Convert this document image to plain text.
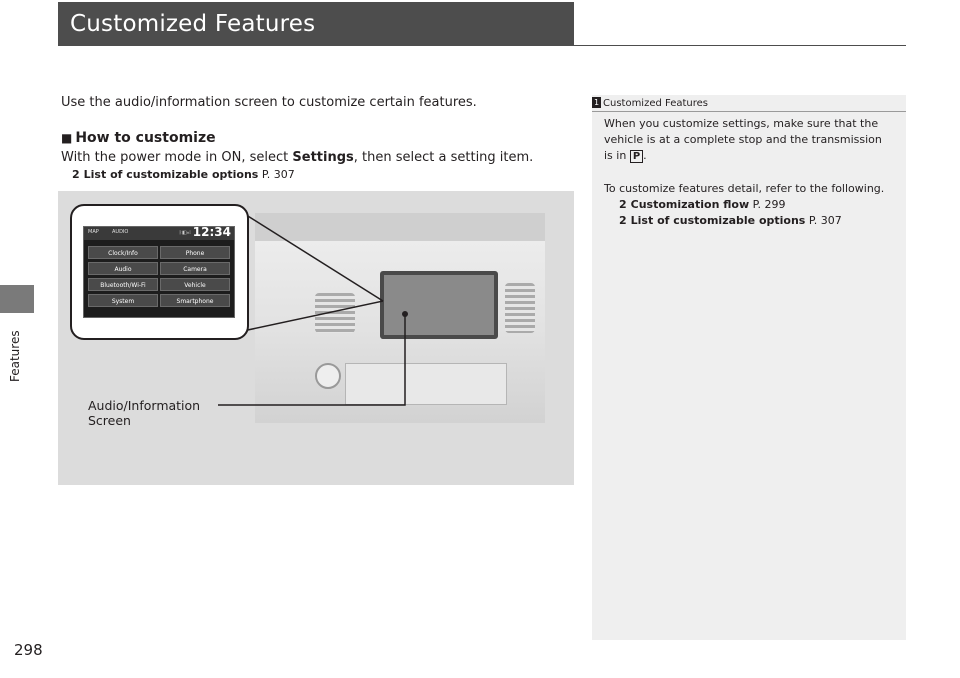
Features
Customized Features
Use the audio/information screen to customize certain features.
■ How to customize
With the power mode in ON, select Settings, then select a setting item.
2 List of customizable options P. 307
MAP	AUDIO	ᛒ◧⁎⁞ 12:34
Clock/Info	Phone
Audio	Camera
Bluetooth/Wi-Fi	Vehicle
System	Smartphone
Audio/Information
Screen
1 Customized Features
When you customize settings, make sure that the vehicle is at a complete stop and the transmission is in P .
To customize features detail, refer to the following.
2 Customization flow P. 299
2 List of customizable options P. 307
298
